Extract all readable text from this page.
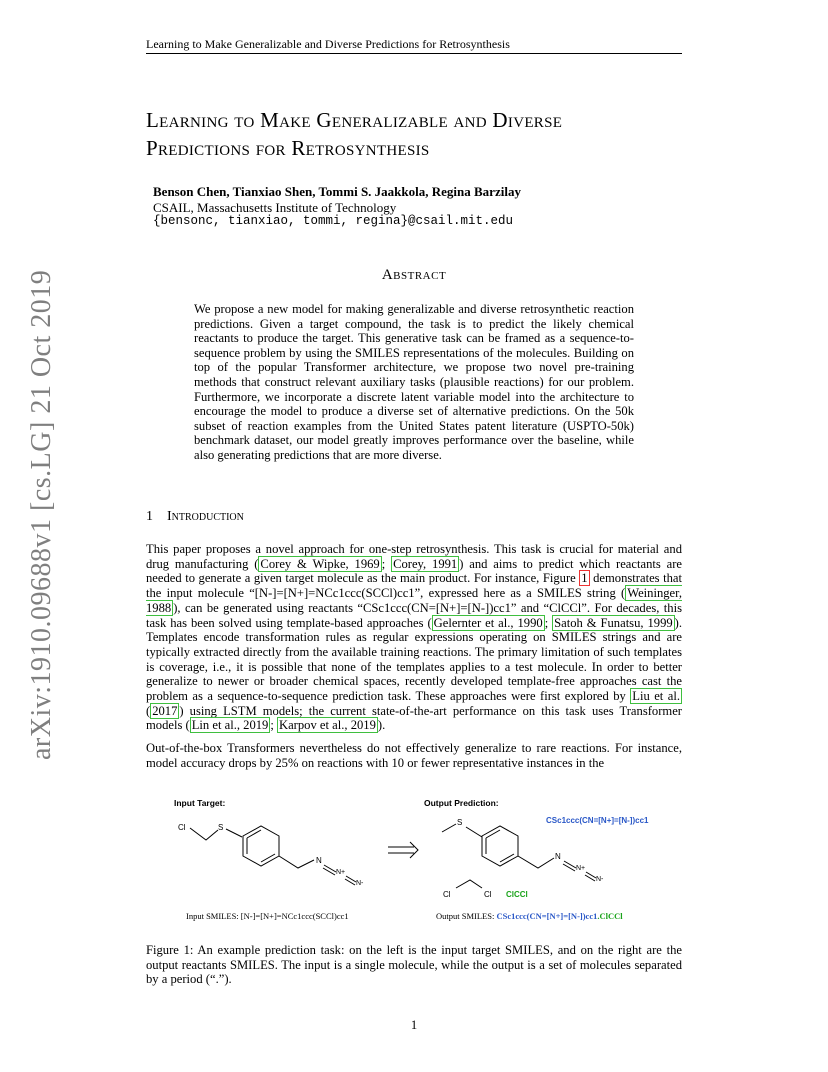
Learning to Make Generalizable and Diverse Predictions for Retrosynthesis
Learning to Make Generalizable and Diverse
Predictions for Retrosynthesis
Benson Chen, Tianxiao Shen, Tommi S. Jaakkola, Regina Barzilay
CSAIL, Massachusetts Institute of Technology
{bensonc, tianxiao, tommi, regina}@csail.mit.edu
arXiv:1910.09688v1 [cs.LG] 21 Oct 2019	Abstract

We propose a new model for making generalizable and diverse retrosynthetic reaction predictions. Given a target compound, the task is to predict the likely chemical reactants to produce the target. This generative task can be framed as a sequence-to-sequence problem by using the SMILES representations of the molecules. Building on top of the popular Transformer architecture, we propose two novel pre-training methods that construct relevant auxiliary tasks (plausible reactions) for our problem. Furthermore, we incorporate a discrete latent variable model into the architecture to encourage the model to produce a diverse set of alternative predictions. On the 50k subset of reaction examples from the United States patent literature (USPTO-50k) benchmark dataset, our model greatly improves performance over the baseline, while also generating predictions that are more diverse.

1 Introduction

This paper proposes a novel approach for one-step retrosynthesis. This task is crucial for material and drug manufacturing ( Corey & Wipke, 1969 ; Corey, 1991 ) and aims to predict which reactants are needed to generate a given target molecule as the main product. For instance, Figure 1 demonstrates that the input molecule “[N-]=[N+]=NCc1ccc(SCCl)cc1”, expressed here as a SMILES string ( Weininger, 1988 ), can be generated using reactants “CSc1ccc(CN=[N+]=[N-])cc1” and “ClCCl”. For decades, this task has been solved using template-based approaches ( Gelernter et al., 1990 ; Satoh & Funatsu, 1999 ). Templates encode transformation rules as regular expressions operating on SMILES strings and are typically extracted directly from the available training reactions. The primary limitation of such templates is coverage, i.e., it is possible that none of the templates applies to a test molecule. In order to better generalize to newer or broader chemical spaces, recently developed template-free approaches cast the problem as a sequence-to-sequence prediction task. These approaches were first explored by Liu et al. ( 2017 ) using LSTM models; the current state-of-the-art performance on this task uses Transformer models ( Lin et al., 2019 ; Karpov et al., 2019 ).

Out-of-the-box Transformers nevertheless do not effectively generalize to rare reactions. For instance, model accuracy drops by 25% on reactions with 10 or fewer representative instances in the

Input Target:	Output Prediction:
Cl	S
N
N+
N-
S
N
N+
N-
Cl	Cl
CSc1ccc(CN=[N+]=[N-])cc1
ClCCl
Input SMILES: [N-]=[N+]=NCc1ccc(SCCl)cc1	Output SMILES: CSc1ccc(CN=[N+]=[N-])cc1.ClCCl
Figure 1: An example prediction task: on the left is the input target SMILES, and on the right are the output reactants SMILES. The input is a single molecule, while the output is a set of molecules separated by a period (“.”).
1
